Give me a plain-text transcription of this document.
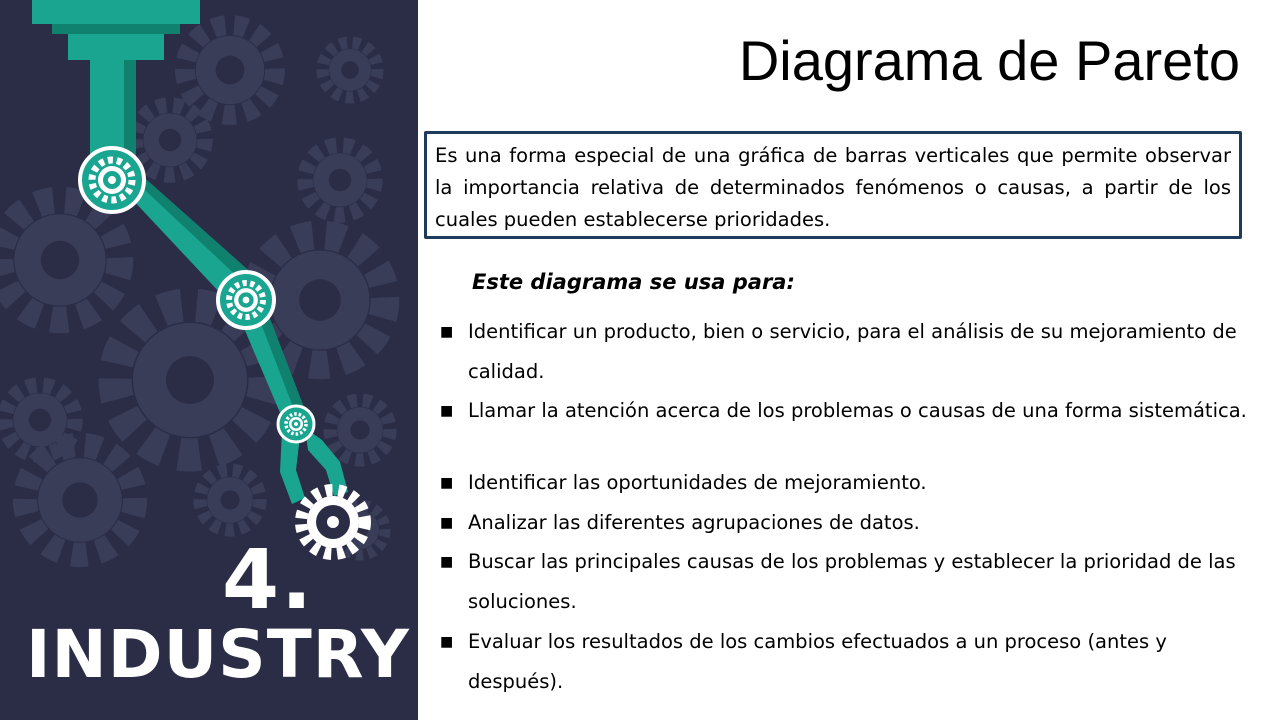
4.
INDUSTRY
Diagrama de Pareto
Es una forma especial de una gráfica de barras verticales que permite observar la importancia relativa de determinados fenómenos o causas, a partir de los cuales pueden establecerse prioridades.
Este diagrama se usa para:
■ Identificar un producto, bien o servicio, para el análisis de su mejoramiento de calidad.
■ Llamar la atención acerca de los problemas o causas de una forma sistemática.
■ Identificar las oportunidades de mejoramiento.
■ Analizar las diferentes agrupaciones de datos.
■ Buscar las principales causas de los problemas y establecer la prioridad de las soluciones.
■ Evaluar los resultados de los cambios efectuados a un proceso (antes y después).
